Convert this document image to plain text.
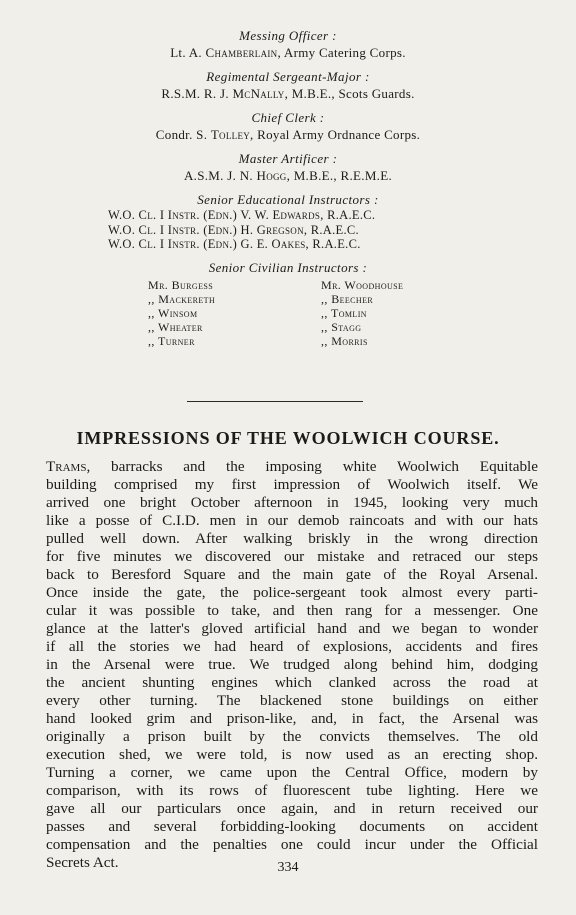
Messing Officer :
Lt. A. Chamberlain, Army Catering Corps.
Regimental Sergeant-Major :
R.S.M. R. J. McNally, M.B.E., Scots Guards.
Chief Clerk :
Condr. S. Tolley, Royal Army Ordnance Corps.
Master Artificer :
A.S.M. J. N. Hogg, M.B.E., R.E.M.E.
Senior Educational Instructors :
W.O. Cl. I Instr. (Edn.) V. W. Edwards, R.A.E.C.
W.O. Cl. I Instr. (Edn.) H. Gregson, R.A.E.C.
W.O. Cl. I Instr. (Edn.) G. E. Oakes, R.A.E.C.
Senior Civilian Instructors :
Mr. Burgess
,, Mackereth
,, Winsom
,, Wheater
,, Turner
Mr. Woodhouse
,, Beecher
,, Tomlin
,, Stagg
,, Morris
IMPRESSIONS OF THE WOOLWICH COURSE.
Trams, barracks and the imposing white Woolwich Equitable
building comprised my first impression of Woolwich itself. We
arrived one bright October afternoon in 1945, looking very much
like a posse of C.I.D. men in our demob raincoats and with our hats
pulled well down. After walking briskly in the wrong direction
for five minutes we discovered our mistake and retraced our steps
back to Beresford Square and the main gate of the Royal Arsenal.
Once inside the gate, the police-sergeant took almost every parti-
cular it was possible to take, and then rang for a messenger. One
glance at the latter's gloved artificial hand and we began to wonder
if all the stories we had heard of explosions, accidents and fires
in the Arsenal were true. We trudged along behind him, dodging
the ancient shunting engines which clanked across the road at
every other turning. The blackened stone buildings on either
hand looked grim and prison-like, and, in fact, the Arsenal was
originally a prison built by the convicts themselves. The old
execution shed, we were told, is now used as an erecting shop.
Turning a corner, we came upon the Central Office, modern by
comparison, with its rows of fluorescent tube lighting. Here we
gave all our particulars once again, and in return received our
passes and several forbidding-looking documents on accident
compensation and the penalties one could incur under the Official
Secrets Act.	334
